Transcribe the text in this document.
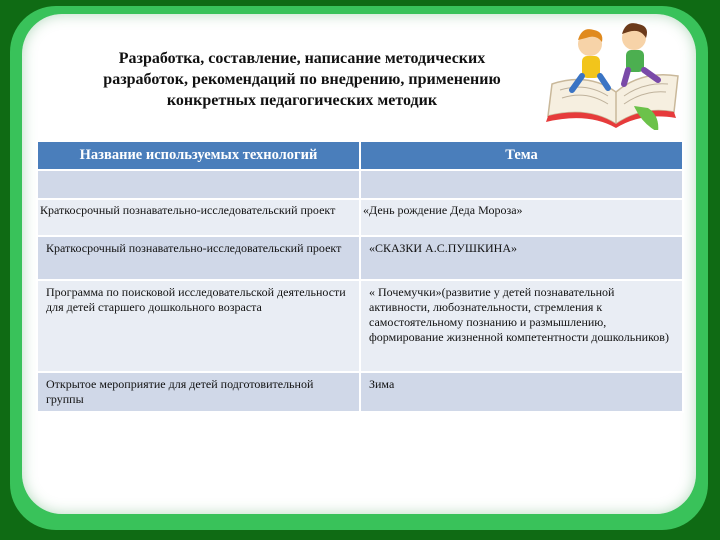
Разработка, составление, написание методических
разработок, рекомендаций по внедрению, применению
конкретных педагогических методик
Название используемых технологий	Тема

Краткосрочный познавательно-исследовательский проект	«День рождение Деда Мороза»
Краткосрочный познавательно-исследовательский проект	«СКАЗКИ А.С.ПУШКИНА»
Программа по поисковой исследовательской деятельности для детей старшего дошкольного возраста	« Почемучки»(развитие у детей познавательной активности, любознательности, стремления к самостоятельному познанию и размышлению, формирование жизненной компетентности дошкольников)
Открытое мероприятие для детей подготовительной группы	Зима
